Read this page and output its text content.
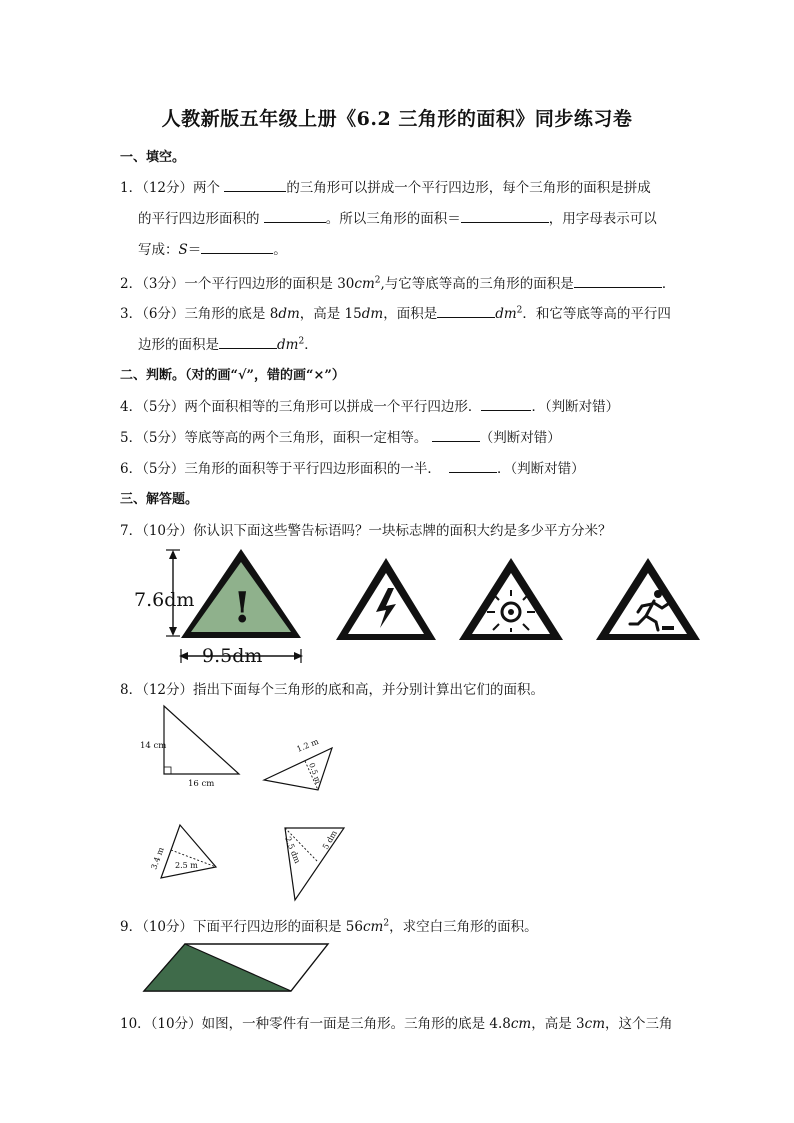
人教新版五年级上册《6.2 三角形的面积》同步练习卷
一、填空。
1．（12分）两个	的三角形可以拼成一个平行四边形，每个三角形的面积是拼成
的平行四边形面积的	。所以三角形的面积＝	，用字母表示可以
写成：S＝	。
2．（3分）一个平行四边形的面积是 $30cm^2$,与它等底等高的三角形的面积是	．
3．（6分）三角形的底是 8dm，高是 15dm，面积是	$dm^2$．和它等底等高的平行四
边形的面积是	$dm^2$．
二、判断。（对的画“√”，错的画“×”）
4．（5分）两个面积相等的三角形可以拼成一个平行四边形．	．（判断对错）
5．（5分）等底等高的两个三角形，面积一定相等。	（判断对错）
6．（5分）三角形的面积等于平行四边形面积的一半．	．（判断对错）
三、解答题。
7．（10分）你认识下面这些警告标语吗？一块标志牌的面积大约是多少平方分米？
7.6dm !
9.5dm
8．（12分）指出下面每个三角形的底和高，并分别计算出它们的面积。
14 cm
16 cm
1.2 m
0.5 m
3.4 m 2.5 m
2.5 dm 5 dm
9．（10分）下面平行四边形的面积是 $56cm^2$，求空白三角形的面积。
10．（10分）如图，一种零件有一面是三角形。三角形的底是 4.8cm，高是 3cm，这个三角
